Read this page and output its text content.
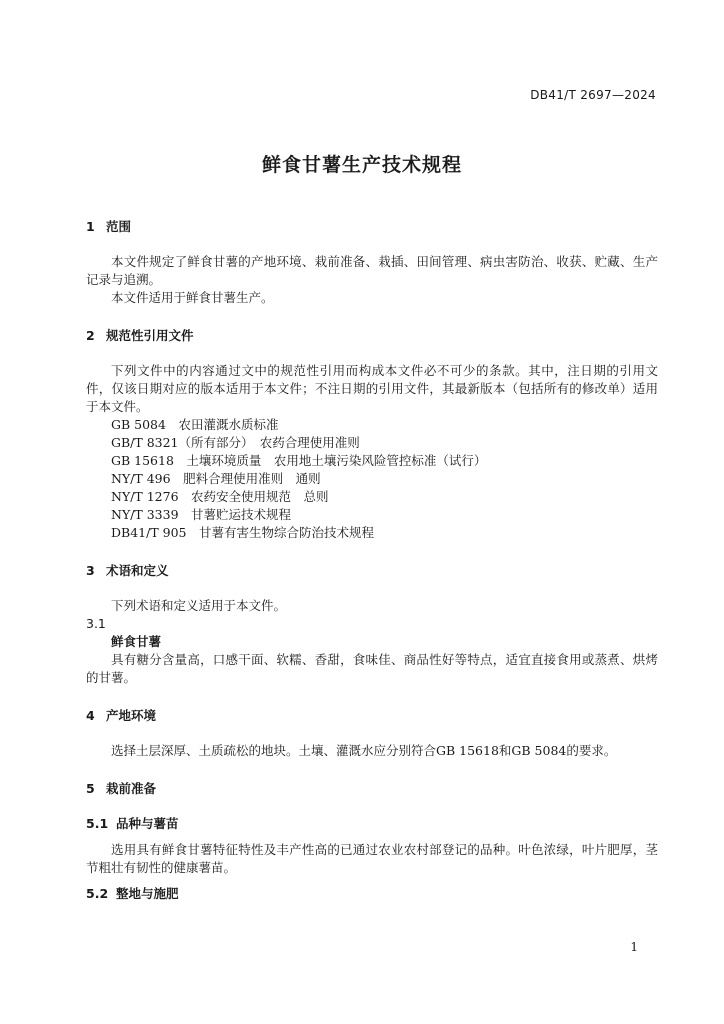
DB41/T 2697—2024
鲜食甘薯生产技术规程

1 范围

本文件规定了鲜食甘薯的产地环境、栽前准备、栽插、田间管理、病虫害防治、收获、贮藏、生产记录与追溯。

本文件适用于鲜食甘薯生产。

2 规范性引用文件

下列文件中的内容通过文中的规范性引用而构成本文件必不可少的条款。其中，注日期的引用文件，仅该日期对应的版本适用于本文件；不注日期的引用文件，其最新版本（包括所有的修改单）适用于本文件。

GB 5084　农田灌溉水质标准

GB/T 8321（所有部分）　农药合理使用准则

GB 15618　土壤环境质量　农用地土壤污染风险管控标准（试行）

NY/T 496　肥料合理使用准则　通则

NY/T 1276　农药安全使用规范　总则

NY/T 3339　甘薯贮运技术规程

DB41/T 905　甘薯有害生物综合防治技术规程

3 术语和定义

下列术语和定义适用于本文件。

3.1

鲜食甘薯

具有糖分含量高，口感干面、软糯、香甜，食味佳、商品性好等特点，适宜直接食用或蒸煮、烘烤的甘薯。

4 产地环境

选择土层深厚、土质疏松的地块。土壤、灌溉水应分别符合GB 15618和GB 5084的要求。

5 栽前准备

5.1 品种与薯苗

选用具有鲜食甘薯特征特性及丰产性高的已通过农业农村部登记的品种。叶色浓绿，叶片肥厚，茎节粗壮有韧性的健康薯苗。

5.2 整地与施肥

1
